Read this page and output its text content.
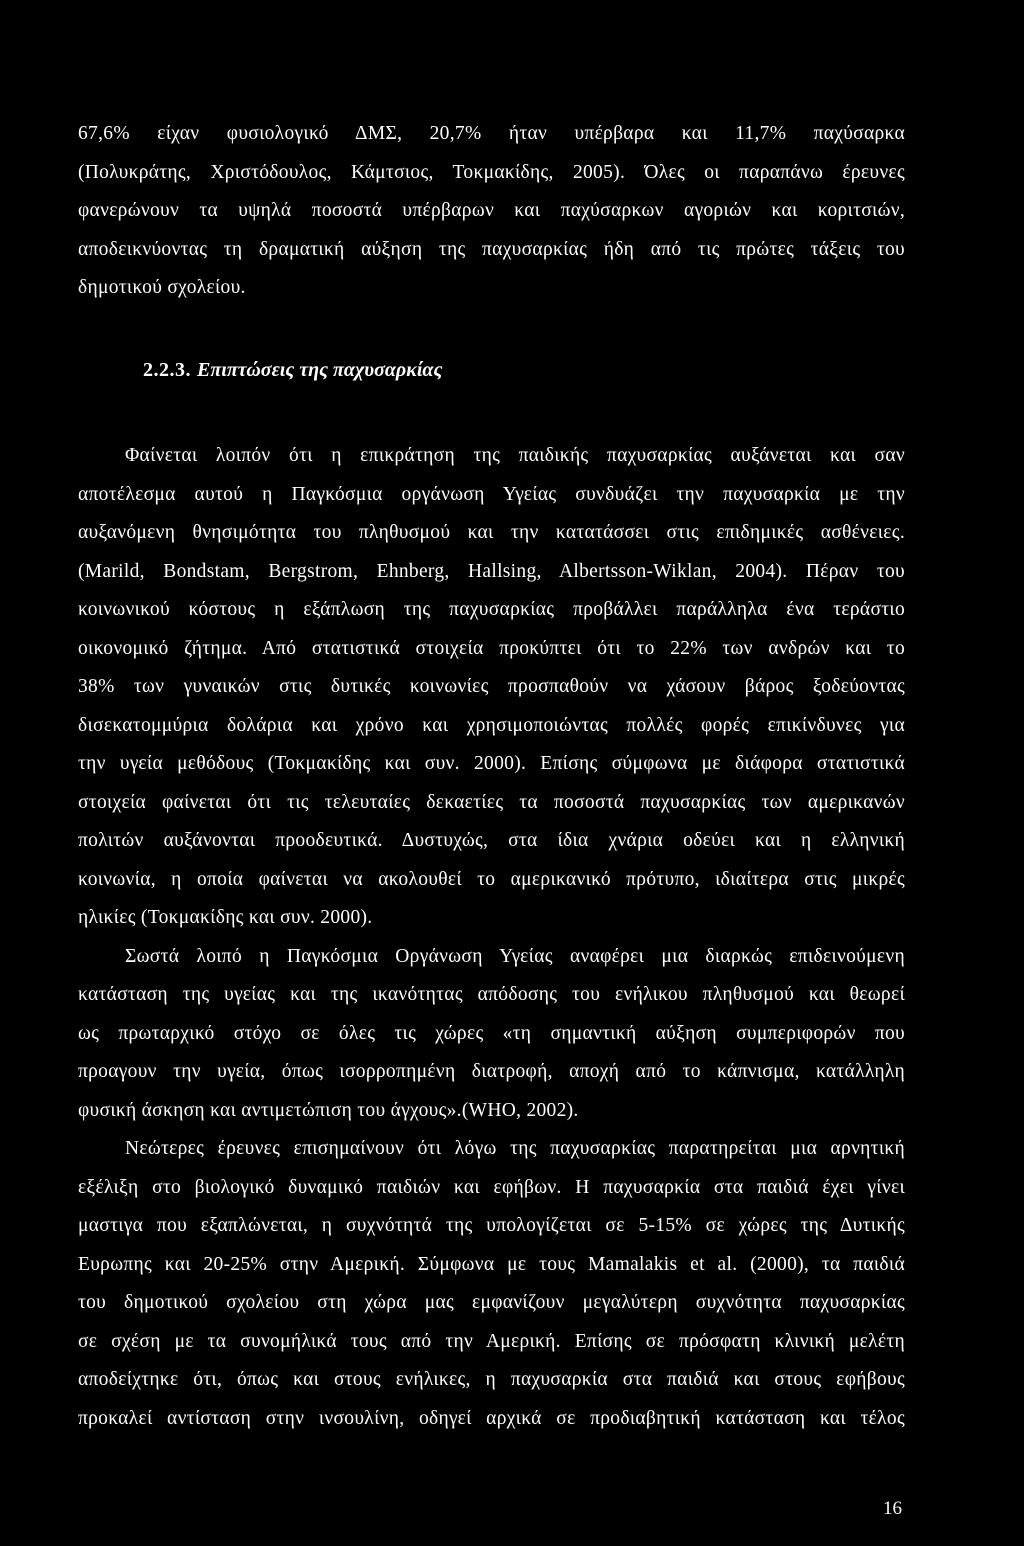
67,6% είχαν φυσιολογικό ΔΜΣ, 20,7% ήταν υπέρβαρα και 11,7% παχύσαρκα
(Πολυκράτης, Χριστόδουλος, Κάμτσιος, Τοκμακίδης, 2005). Όλες οι παραπάνω έρευνες
φανερώνουν τα υψηλά ποσοστά υπέρβαρων και παχύσαρκων αγοριών και κοριτσιών,
αποδεικνύοντας τη δραματική αύξηση της παχυσαρκίας ήδη από τις πρώτες τάξεις του
δημοτικού σχολείου.
2.2.3. Επιπτώσεις της παχυσαρκίας
Φαίνεται λοιπόν ότι η επικράτηση της παιδικής παχυσαρκίας αυξάνεται και σαν
αποτέλεσμα αυτού η Παγκόσμια οργάνωση Υγείας συνδυάζει την παχυσαρκία με την
αυξανόμενη θνησιμότητα του πληθυσμού και την κατατάσσει στις επιδημικές ασθένειες.
(Marild, Bondstam, Bergstrom, Ehnberg, Hallsing, Albertsson-Wiklan, 2004). Πέραν του
κοινωνικού κόστους η εξάπλωση της παχυσαρκίας προβάλλει παράλληλα ένα τεράστιο
οικονομικό ζήτημα. Από στατιστικά στοιχεία προκύπτει ότι το 22% των ανδρών και το
38% των γυναικών στις δυτικές κοινωνίες προσπαθούν να χάσουν βάρος ξοδεύοντας
δισεκατομμύρια δολάρια και χρόνο και χρησιμοποιώντας πολλές φορές επικίνδυνες για
την υγεία μεθόδους (Τοκμακίδης και συν. 2000). Επίσης σύμφωνα με διάφορα στατιστικά
στοιχεία φαίνεται ότι τις τελευταίες δεκαετίες τα ποσοστά παχυσαρκίας των αμερικανών
πολιτών αυξάνονται προοδευτικά. Δυστυχώς, στα ίδια χνάρια οδεύει και η ελληνική
κοινωνία, η οποία φαίνεται να ακολουθεί το αμερικανικό πρότυπο, ιδιαίτερα στις μικρές
ηλικίες (Τοκμακίδης και συν. 2000).
Σωστά λοιπό η Παγκόσμια Οργάνωση Υγείας αναφέρει μια διαρκώς επιδεινούμενη
κατάσταση της υγείας και της ικανότητας απόδοσης του ενήλικου πληθυσμού και θεωρεί
ως πρωταρχικό στόχο σε όλες τις χώρες «τη σημαντική αύξηση συμπεριφορών που
προαγουν την υγεία, όπως ισορροπημένη διατροφή, αποχή από το κάπνισμα, κατάλληλη
φυσική άσκηση και αντιμετώπιση του άγχους».(WHO, 2002).
Νεώτερες έρευνες επισημαίνουν ότι λόγω της παχυσαρκίας παρατηρείται μια αρνητική
εξέλιξη στο βιολογικό δυναμικό παιδιών και εφήβων. Η παχυσαρκία στα παιδιά έχει γίνει
μαστιγα που εξαπλώνεται, η συχνότητά της υπολογίζεται σε 5-15% σε χώρες της Δυτικής
Ευρωπης και 20-25% στην Αμερική. Σύμφωνα με τους Mamalakis et al. (2000), τα παιδιά
του δημοτικού σχολείου στη χώρα μας εμφανίζουν μεγαλύτερη συχνότητα παχυσαρκίας
σε σχέση με τα συνομήλικά τους από την Αμερική. Επίσης σε πρόσφατη κλινική μελέτη
αποδείχτηκε ότι, όπως και στους ενήλικες, η παχυσαρκία στα παιδιά και στους εφήβους
προκαλεί αντίσταση στην ινσουλίνη, οδηγεί αρχικά σε προδιαβητική κατάσταση και τέλος
16
